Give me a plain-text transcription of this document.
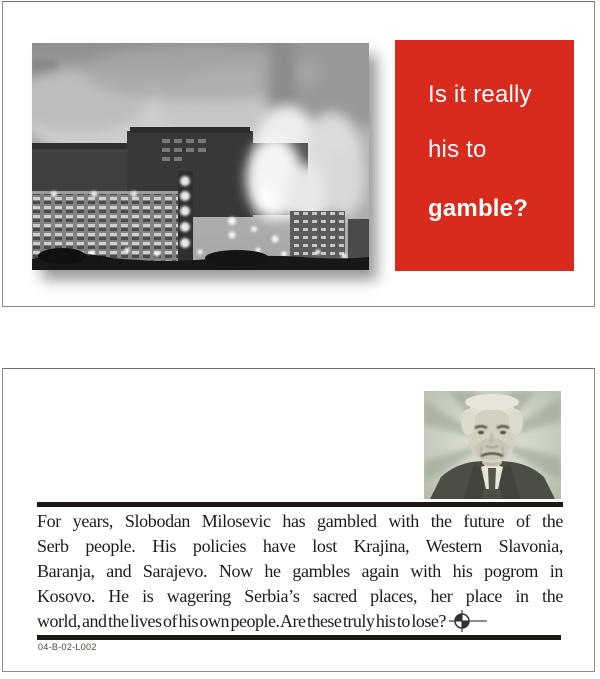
Is it really
his to
gamble?
For years, Slobodan Milosevic has gambled with the future of the
Serb people. His policies have lost Krajina, Western Slavonia,
Baranja, and Sarajevo. Now he gambles again with his pogrom in
Kosovo. He is wagering Serbia’s sacred places, her place in the
world, and the lives of his own people. Are these truly his to lose?
04-B-02-L002
